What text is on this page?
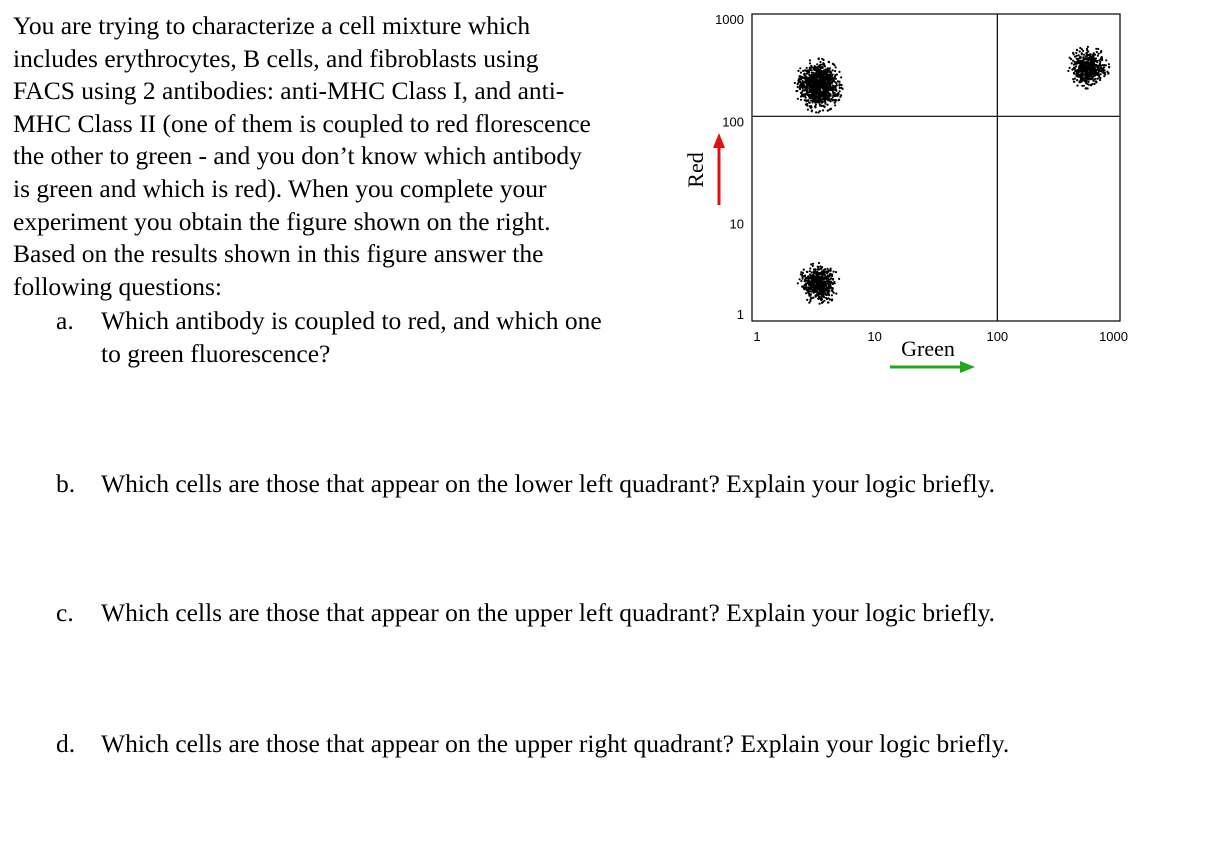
You are trying to characterize a cell mixture which
includes erythrocytes, B cells, and fibroblasts using
FACS using 2 antibodies: anti-MHC Class I, and anti-
MHC Class II (one of them is coupled to red florescence
the other to green - and you don’t know which antibody
is green and which is red). When you complete your
experiment you obtain the figure shown on the right.
Based on the results shown in this figure answer the
following questions:
a. Which antibody is coupled to red, and which one
to green fluorescence?
b. Which cells are those that appear on the lower left quadrant? Explain your logic briefly.
c. Which cells are those that appear on the upper left quadrant? Explain your logic briefly.
d. Which cells are those that appear on the upper right quadrant? Explain your logic briefly.
1000
100
10
1
1	10	100	1000
Red
Green
